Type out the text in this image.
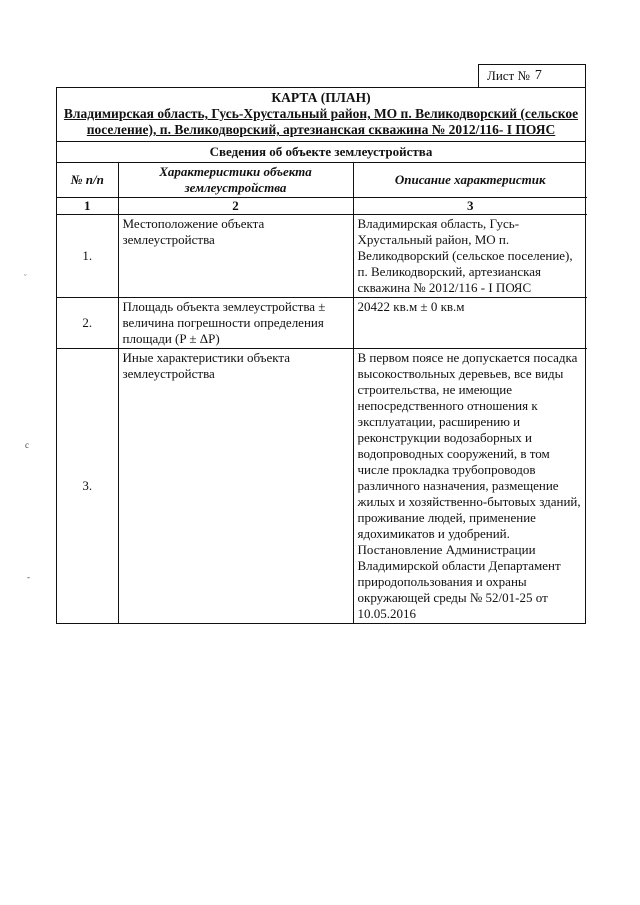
Лист № 7
КАРТА (ПЛАН)
Владимирская область, Гусь-Хрустальный район, МО п. Великодворский (сельское поселение), п. Великодворский, артезианская скважина № 2012/116- I ПОЯС
Сведения об объекте землеустройства
№ п/п	Характеристики объекта землеустройства	Описание характеристик
1	2	3
1.	Местоположение объекта землеустройства	Владимирская область, Гусь-Хрустальный район, МО п. Великодворский (сельское поселение), п. Великодворский, артезианская скважина № 2012/116 - I ПОЯС
2.	Площадь объекта землеустройства ± величина погрешности определения площади (P ± ΔP)	20422 кв.м ± 0 кв.м
3.	Иные характеристики объекта землеустройства	В первом поясе не допускается посадка высокоствольных деревьев, все виды строительства, не имеющие непосредственного отношения к эксплуатации, расширению и реконструкции водозаборных и водопроводных сооружений, в том числе прокладка трубопроводов различного назначения, размещение жилых и хозяйственно-бытовых зданий, проживание людей, применение ядохимикатов и удобрений. Постановление Администрации Владимирской области Департамент природопользования и охраны окружающей среды № 52/01-25 от 10.05.2016
ᵕ
c
-
